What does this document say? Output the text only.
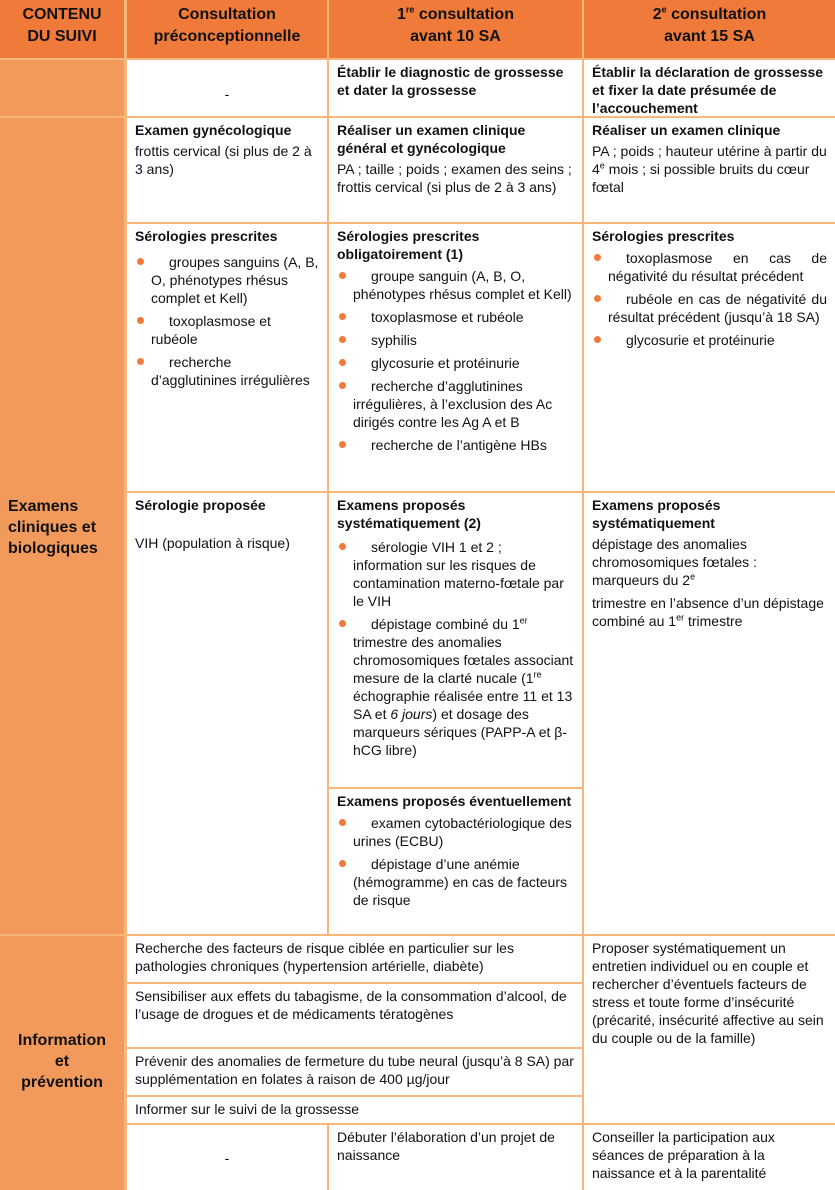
CONTENU
DU SUIVI
Consultation
préconceptionnelle
1re consultation
avant 10 SA
2e consultation
avant 15 SA
-
Établir le diagnostic de grossesse et dater la grossesse
Établir la déclaration de grossesse et fixer la date présumée de l’accouchement
Examens
cliniques et
biologiques

Examen gynécologique

frottis cervical (si plus de 2 à 3 ans)

Réaliser un examen clinique général et gynécologique

PA ; taille ; poids ; examen des seins ; frottis cervical (si plus de 2 à 3 ans)

Réaliser un examen clinique

PA ; poids ; hauteur utérine à partir du 4e mois ; si possible bruits du cœur fœtal

Sérologies prescrites

groupes sanguins (A, B, O, phénotypes rhésus complet et Kell)
toxoplasmose et rubéole
recherche d’agglutinines irrégulières

Sérologies prescrites obligatoirement (1)

groupe sanguin (A, B, O, phénotypes rhésus complet et Kell)
toxoplasmose et rubéole
syphilis
glycosurie et protéinurie
recherche d’agglutinines irrégulières, à l’exclusion des Ac dirigés contre les Ag A et B
recherche de l’antigène HBs

Sérologies prescrites

toxoplasmose en cas de négativité du résultat précédent
rubéole en cas de négativité du résultat précédent (jusqu’à 18 SA)
glycosurie et protéinurie

Sérologie proposée

VIH (population à risque)

Examens proposés systématiquement (2)

sérologie VIH 1 et 2 ; information sur les risques de contamination materno-fœtale par le VIH
dépistage combiné du 1er trimestre des anomalies chromosomiques fœtales associant mesure de la clarté nucale (1re échographie réalisée entre 11 et 13 SA et 6 jours) et dosage des marqueurs sériques (PAPP-A et β-hCG libre)

Examens proposés systématiquement

dépistage des anomalies chromosomiques fœtales : marqueurs du 2e

trimestre en l’absence d’un dépistage combiné au 1er trimestre

Examens proposés éventuellement

examen cytobactériologique des urines (ECBU)
dépistage d’une anémie (hémogramme) en cas de facteurs de risque
Information
et
prévention
Recherche des facteurs de risque ciblée en particulier sur les pathologies chroniques (hypertension artérielle, diabète)
Sensibiliser aux effets du tabagisme, de la consommation d’alcool, de l’usage de drogues et de médicaments tératogènes
Prévenir des anomalies de fermeture du tube neural (jusqu’à 8 SA) par supplémentation en folates à raison de 400 µg/jour
Informer sur le suivi de la grossesse
Proposer systématiquement un entretien individuel ou en couple et rechercher d’éventuels facteurs de stress et toute forme d’insécurité (précarité, insécurité affective au sein du couple ou de la famille)
-
Débuter l’élaboration d’un projet de naissance
Conseiller la participation aux séances de préparation à la naissance et à la parentalité
